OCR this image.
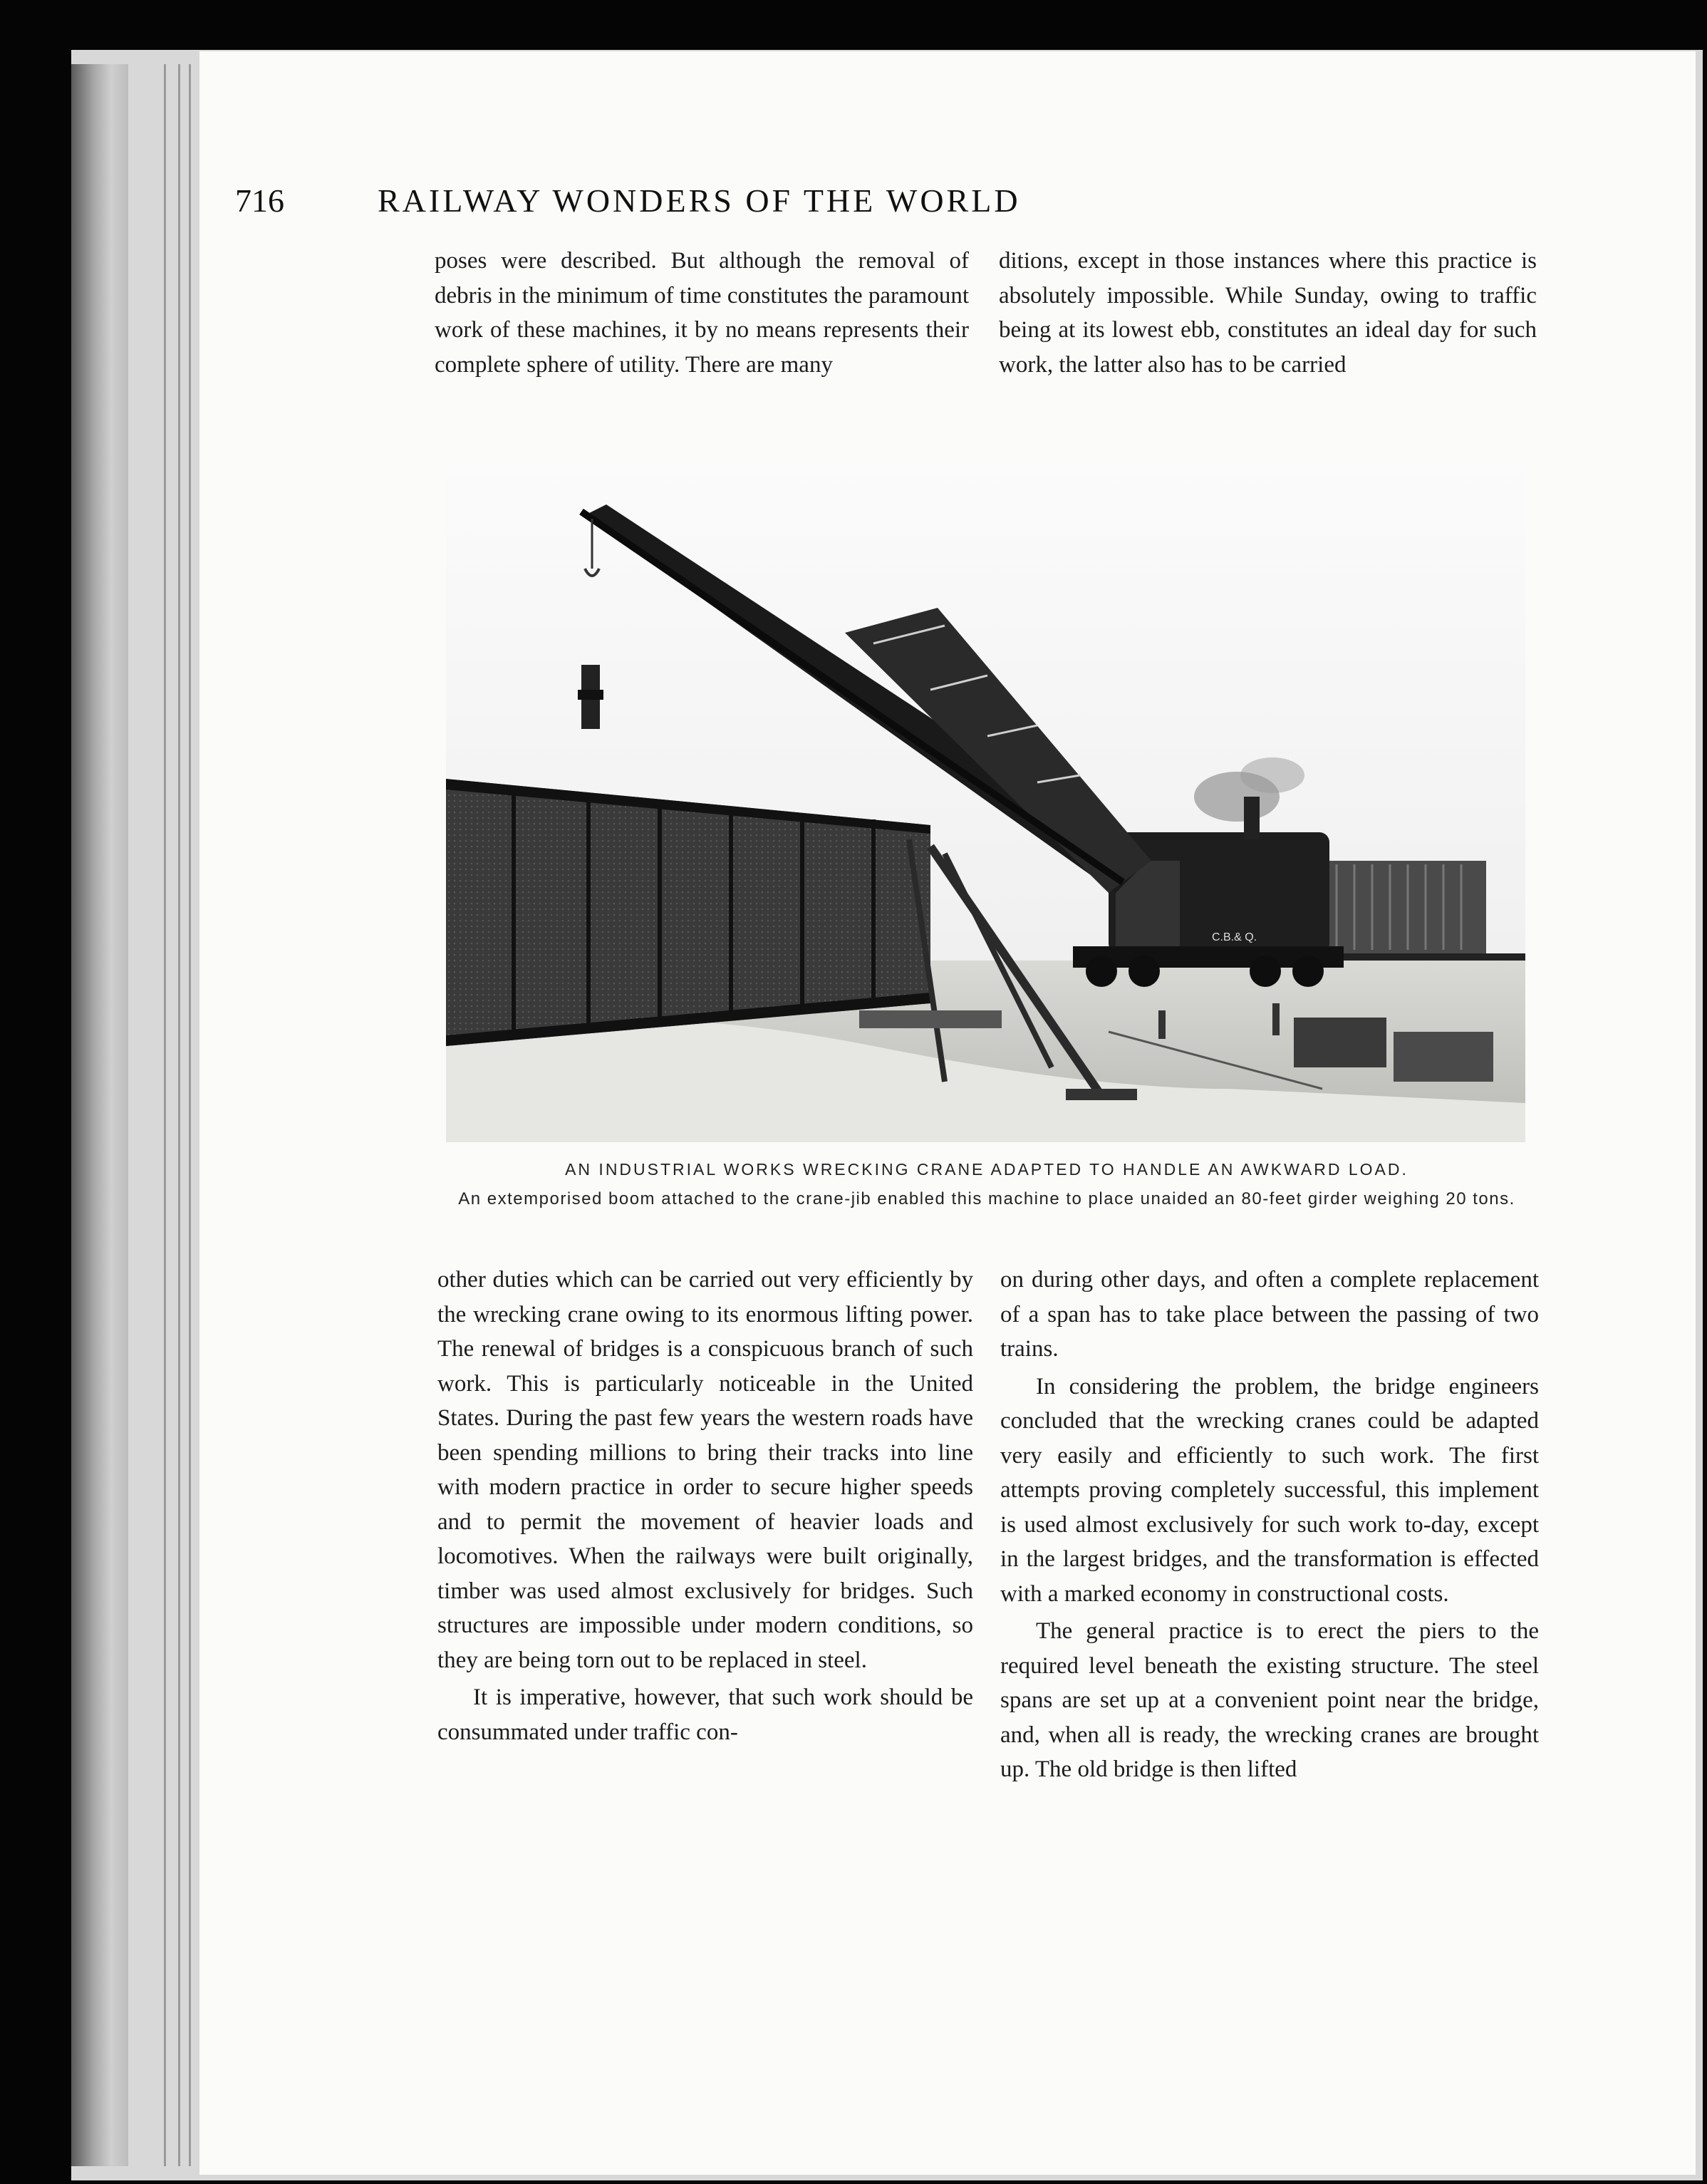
716	RAILWAY WONDERS OF THE WORLD

poses were described. But although the removal of debris in the minimum of time constitutes the paramount work of these machines, it by no means represents their complete sphere of utility. There are many

ditions, except in those instances where this practice is absolutely impossible. While Sunday, owing to traffic being at its lowest ebb, constitutes an ideal day for such work, the latter also has to be carried

C.B.& Q.
AN INDUSTRIAL WORKS WRECKING CRANE ADAPTED TO HANDLE AN AWKWARD LOAD.
An extemporised boom attached to the crane-jib enabled this machine to place unaided an 80-feet girder weighing 20 tons.

other duties which can be carried out very efficiently by the wrecking crane owing to its enormous lifting power. The renewal of bridges is a conspicuous branch of such work. This is particularly noticeable in the United States. During the past few years the western roads have been spending millions to bring their tracks into line with modern practice in order to secure higher speeds and to permit the movement of heavier loads and locomotives. When the railways were built originally, timber was used almost exclusively for bridges. Such structures are impossible under modern conditions, so they are being torn out to be replaced in steel.

It is imperative, however, that such work should be consummated under traffic con-

on during other days, and often a complete replacement of a span has to take place between the passing of two trains.

In considering the problem, the bridge engineers concluded that the wrecking cranes could be adapted very easily and efficiently to such work. The first attempts proving completely successful, this implement is used almost exclusively for such work to-day, except in the largest bridges, and the transformation is effected with a marked economy in constructional costs.

The general practice is to erect the piers to the required level beneath the existing structure. The steel spans are set up at a convenient point near the bridge, and, when all is ready, the wrecking cranes are brought up. The old bridge is then lifted
